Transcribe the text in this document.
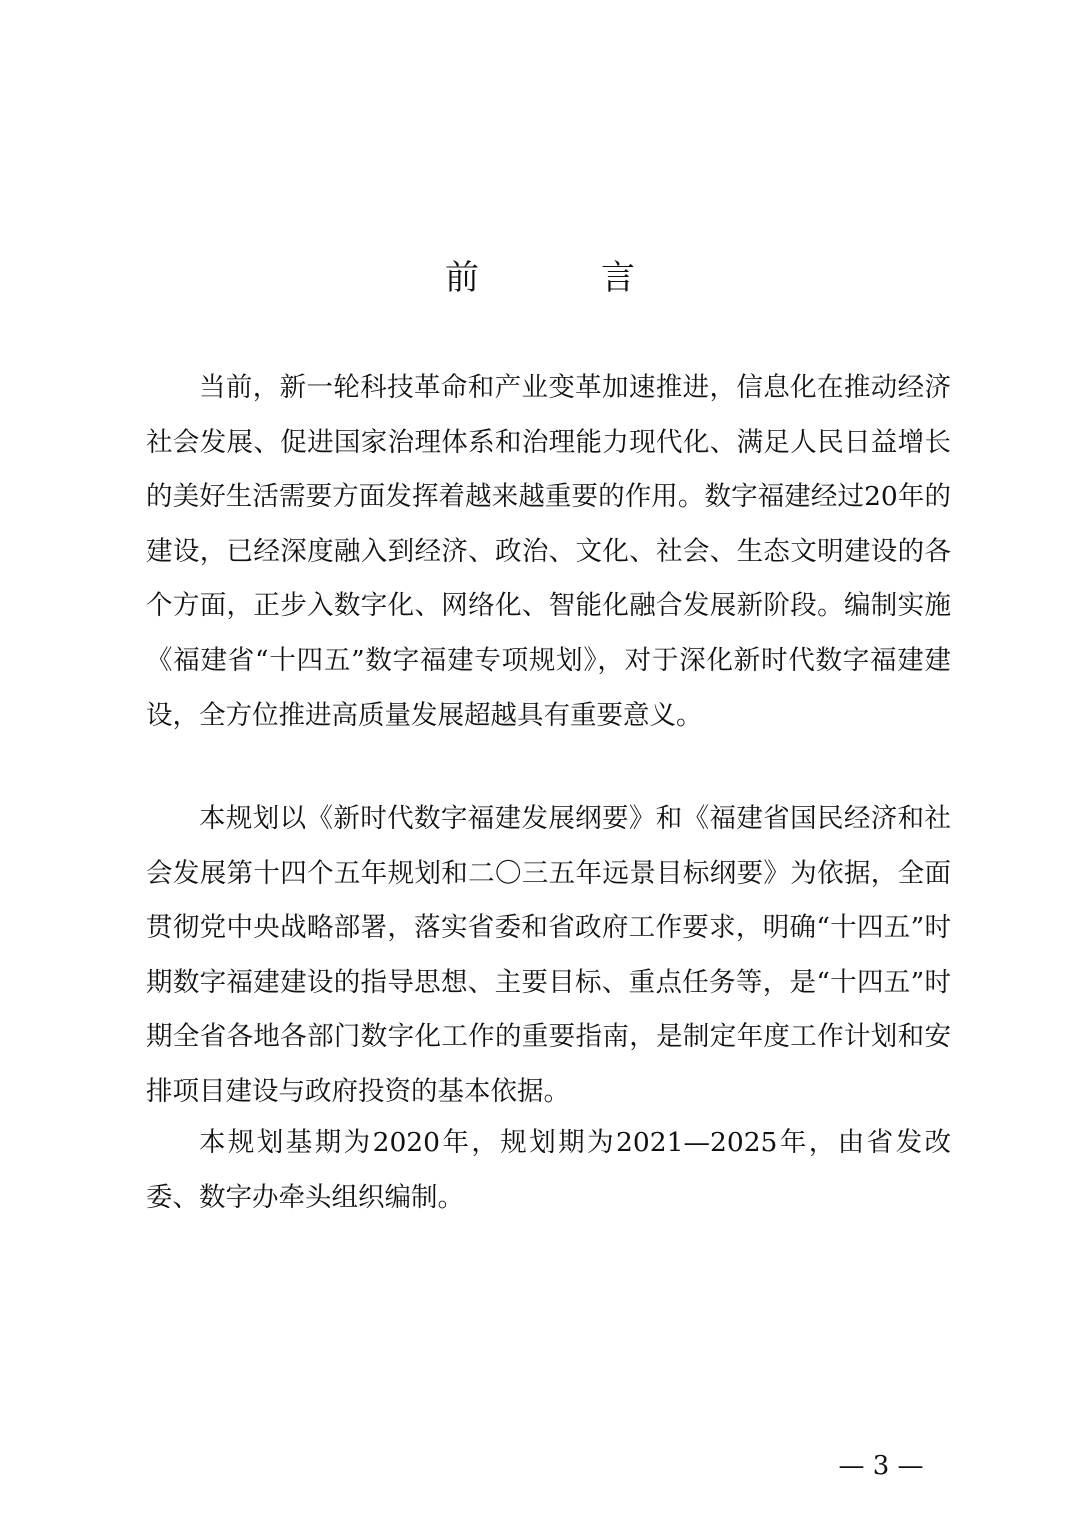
前　言

当前，新一轮科技革命和产业变革加速推进，信息化在推动经济社会发展、促进国家治理体系和治理能力现代化、满足人民日益增长的美好生活需要方面发挥着越来越重要的作用。数字福建经过20年的建设，已经深度融入到经济、政治、文化、社会、生态文明建设的各个方面，正步入数字化、网络化、智能化融合发展新阶段。编制实施《福建省“十四五”数字福建专项规划》，对于深化新时代数字福建建设，全方位推进高质量发展超越具有重要意义。

本规划以《新时代数字福建发展纲要》和《福建省国民经济和社会发展第十四个五年规划和二〇三五年远景目标纲要》为依据，全面贯彻党中央战略部署，落实省委和省政府工作要求，明确“十四五”时期数字福建建设的指导思想、主要目标、重点任务等，是“十四五”时期全省各地各部门数字化工作的重要指南，是制定年度工作计划和安排项目建设与政府投资的基本依据。

本规划基期为2020年，规划期为2021—2025年，由省发改委、数字办牵头组织编制。

— 3 —
